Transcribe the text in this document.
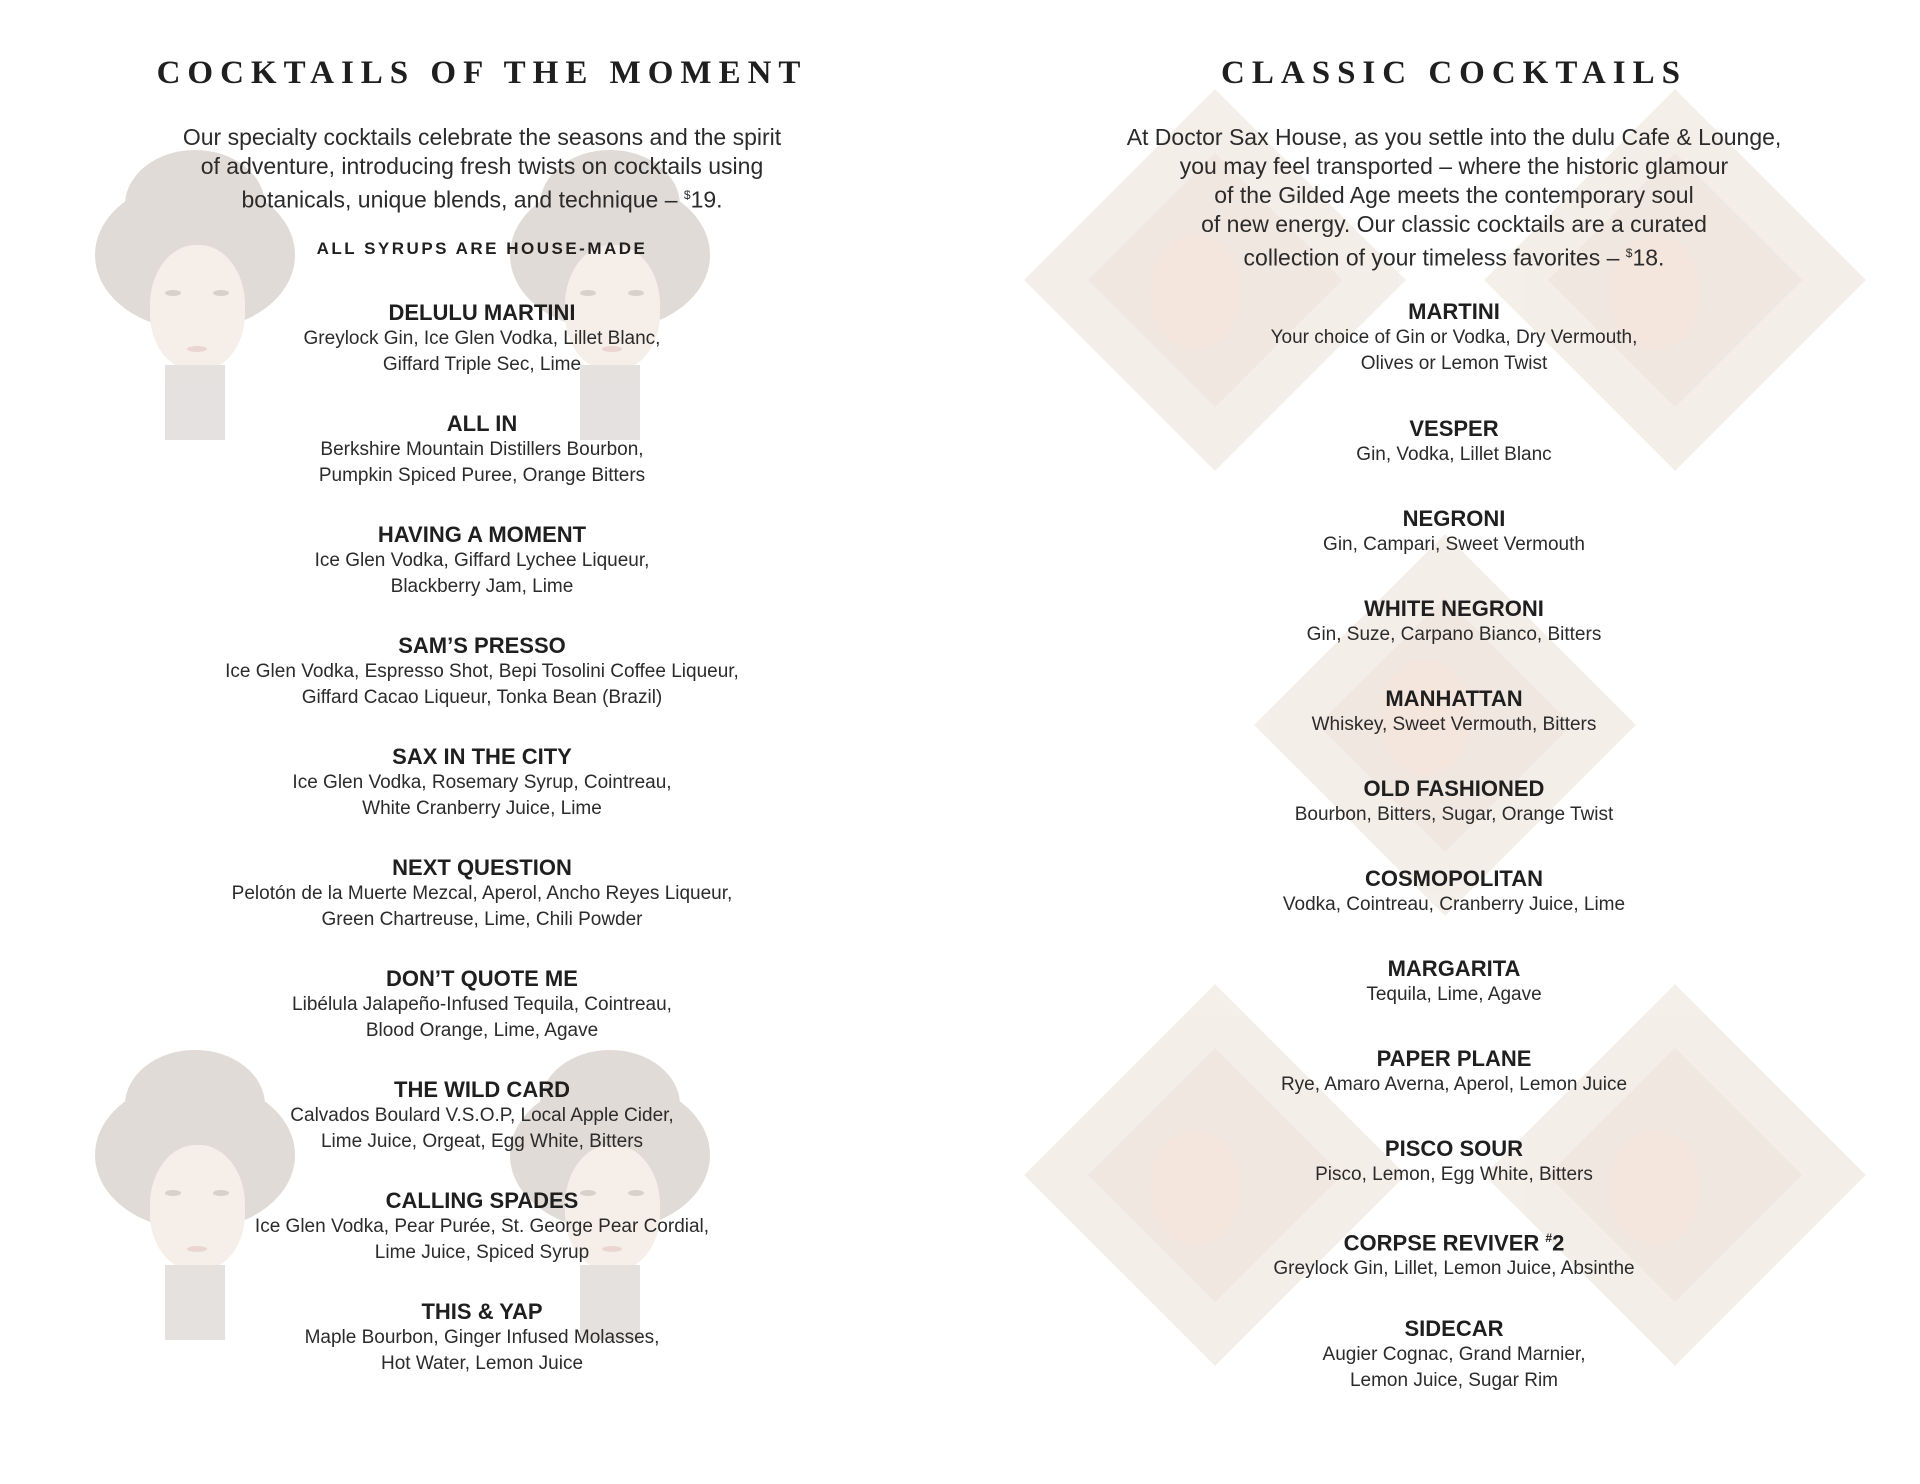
COCKTAILS OF THE MOMENT
Our specialty cocktails celebrate the seasons and the spirit
of adventure, introducing fresh twists on cocktails using
botanicals, unique blends, and technique – $19.
ALL SYRUPS ARE HOUSE-MADE
DELULU MARTINI
Greylock Gin, Ice Glen Vodka, Lillet Blanc,
Giffard Triple Sec, Lime
ALL IN
Berkshire Mountain Distillers Bourbon,
Pumpkin Spiced Puree, Orange Bitters
HAVING A MOMENT
Ice Glen Vodka, Giffard Lychee Liqueur,
Blackberry Jam, Lime
SAM’S PRESSO
Ice Glen Vodka, Espresso Shot, Bepi Tosolini Coffee Liqueur,
Giffard Cacao Liqueur, Tonka Bean (Brazil)
SAX IN THE CITY
Ice Glen Vodka, Rosemary Syrup, Cointreau,
White Cranberry Juice, Lime
NEXT QUESTION
Pelotón de la Muerte Mezcal, Aperol, Ancho Reyes Liqueur,
Green Chartreuse, Lime, Chili Powder
DON’T QUOTE ME
Libélula Jalapeño-Infused Tequila, Cointreau,
Blood Orange, Lime, Agave
THE WILD CARD
Calvados Boulard V.S.O.P, Local Apple Cider,
Lime Juice, Orgeat, Egg White, Bitters
CALLING SPADES
Ice Glen Vodka, Pear Purée, St. George Pear Cordial,
Lime Juice, Spiced Syrup
THIS & YAP
Maple Bourbon, Ginger Infused Molasses,
Hot Water, Lemon Juice
CLASSIC COCKTAILS
At Doctor Sax House, as you settle into the dulu Cafe & Lounge,
you may feel transported – where the historic glamour
of the Gilded Age meets the contemporary soul
of new energy. Our classic cocktails are a curated
collection of your timeless favorites – $18.
MARTINI
Your choice of Gin or Vodka, Dry Vermouth,
Olives or Lemon Twist
VESPER
Gin, Vodka, Lillet Blanc
NEGRONI
Gin, Campari, Sweet Vermouth
WHITE NEGRONI
Gin, Suze, Carpano Bianco, Bitters
MANHATTAN
Whiskey, Sweet Vermouth, Bitters
OLD FASHIONED
Bourbon, Bitters, Sugar, Orange Twist
COSMOPOLITAN
Vodka, Cointreau, Cranberry Juice, Lime
MARGARITA
Tequila, Lime, Agave
PAPER PLANE
Rye, Amaro Averna, Aperol, Lemon Juice
PISCO SOUR
Pisco, Lemon, Egg White, Bitters
CORPSE REVIVER #2
Greylock Gin, Lillet, Lemon Juice, Absinthe
SIDECAR
Augier Cognac, Grand Marnier,
Lemon Juice, Sugar Rim
